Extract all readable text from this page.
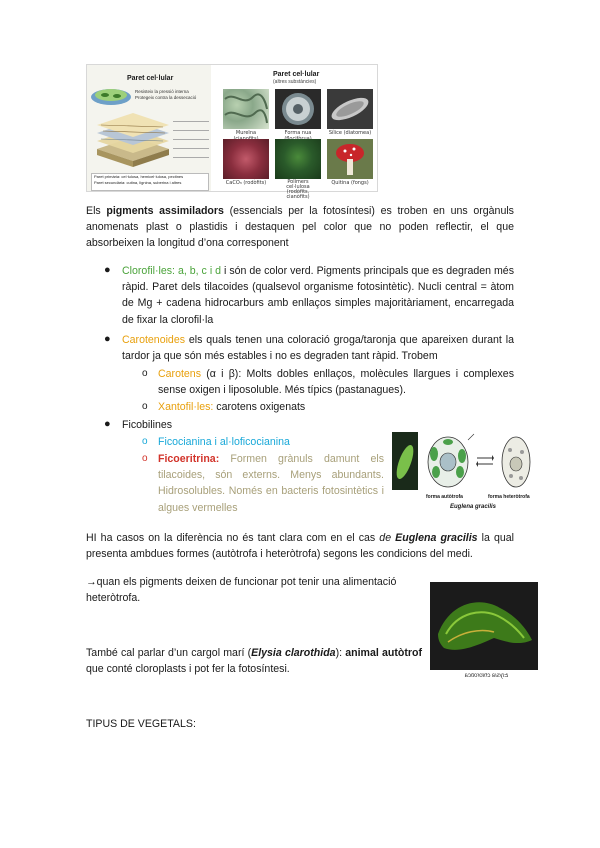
Paret cel·lular
Resisteix la pressió interna
Protegeix contra la dessecació
Paret primària: cel·lulosa, hemicel·lulosa, pectines
Paret secundària: cutina, lignina, suberina i altres
Paret cel·lular
(altres substàncies)
Mureïna	Forma nua	Sílice (diatomea)
CaCO₃ (rodòfits)	Polímers cel·lulosa (rodòfits, cianòfits)
Quitina (fongs)
Els pigments assimiladors (essencials per la fotosíntesi) es troben en uns orgànuls anomenats plast o plastidis i destaquen pel color que no poden reflectir, el que absorbeixen la longitud d’ona corresponent
● Clorofil·les: a, b, c i d i són de color verd. Pigments principals que es degraden més ràpid. Paret dels tilacoides (qualsevol organisme fotosintètic). Nucli central = àtom de Mg + cadena hidrocarburs amb enllaços simples majoritàriament, encarregada de fixar la clorofil·la
● Carotenoides els quals tenen una coloració groga/taronja que apareixen durant la tardor ja que són més estables i no es degraden tant ràpid. Trobem
o Carotens (α i β): Molts dobles enllaços, molècules llargues i complexes sense oxigen i liposoluble. Més típics (pastanagues).
o Xantofil·les: carotens oxigenats
● Ficobilines
o Ficocianina i al·loficocianina
o Ficoeritrina: Formen grànuls damunt els tilacoides, són externs. Menys abundants. Hidrosolubles. Només en bacteris fotosintètics i algues vermelles
forma autòtrofa	forma heteròtrofa
Euglena gracilis
HI ha casos on la diferència no és tant clara com en el cas de Euglena gracilis la qual presenta ambdues formes (autòtrofa i heteròtrofa) segons les condicions del medi.
→quan els pigments deixen de funcionar pot tenir una alimentació heteròtrofa.
Elysia chlorotica
També cal parlar d’un cargol marí (Elysia clarothida): animal autòtrof que conté cloroplasts i pot fer la fotosíntesi.
TIPUS DE VEGETALS:
